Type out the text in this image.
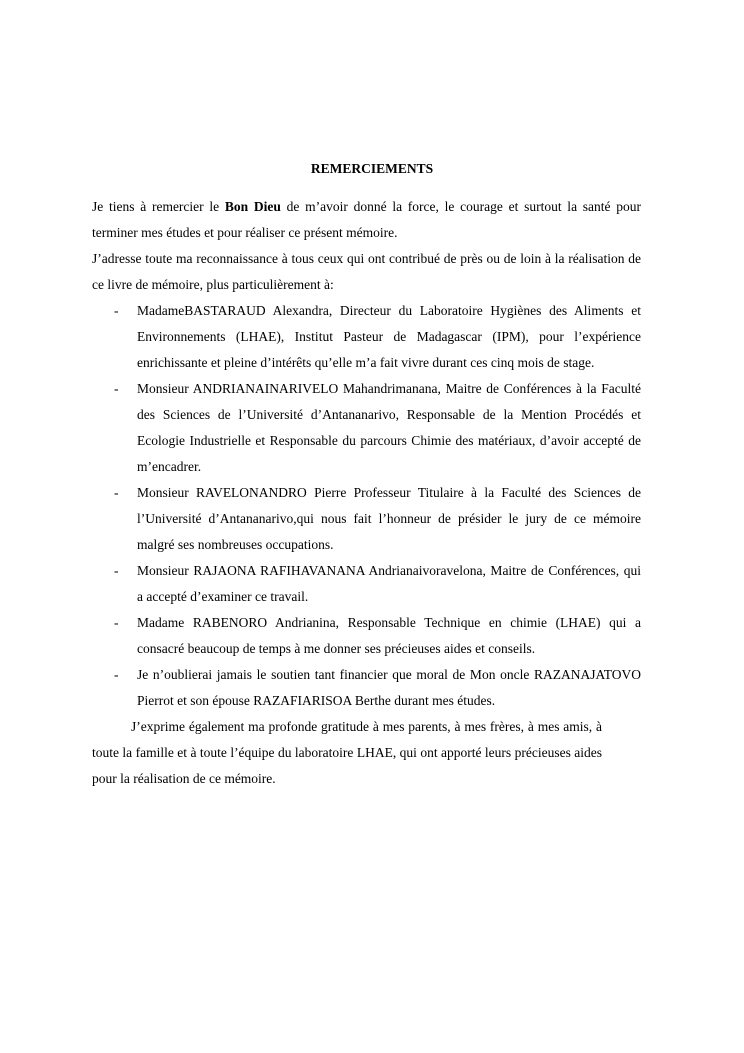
REMERCIEMENTS

Je tiens à remercier le Bon Dieu de m’avoir donné la force, le courage et surtout la santé pour terminer mes études et pour réaliser ce présent mémoire.

J’adresse toute ma reconnaissance à tous ceux qui ont contribué de près ou de loin à la réalisation de ce livre de mémoire, plus particulièrement à:

- MadameBASTARAUD Alexandra, Directeur du Laboratoire Hygiènes des Aliments et Environnements (LHAE), Institut Pasteur de Madagascar (IPM), pour l’expérience enrichissante et pleine d’intérêts qu’elle m’a fait vivre durant ces cinq mois de stage.
- Monsieur ANDRIANAINARIVELO Mahandrimanana, Maitre de Conférences à la Faculté des Sciences de l’Université d’Antananarivo, Responsable de la Mention Procédés et Ecologie Industrielle et Responsable du parcours Chimie des matériaux, d’avoir accepté de m’encadrer.
- Monsieur RAVELONANDRO Pierre Professeur Titulaire à la Faculté des Sciences de l’Université d’Antananarivo,qui nous fait l’honneur de présider le jury de ce mémoire malgré ses nombreuses occupations.
- Monsieur RAJAONA RAFIHAVANANA Andrianaivoravelona, Maitre de Conférences, qui a accepté d’examiner ce travail.
- Madame RABENORO Andrianina, Responsable Technique en chimie (LHAE) qui a consacré beaucoup de temps à me donner ses précieuses aides et conseils.
- Je n’oublierai jamais le soutien tant financier que moral de Mon oncle RAZANAJATOVO Pierrot et son épouse RAZAFIARISOA Berthe durant mes études.

J’exprime également ma profonde gratitude à mes parents, à mes frères, à mes amis, à toute la famille et à toute l’équipe du laboratoire LHAE, qui ont apporté leurs précieuses aides pour la réalisation de ce mémoire.
